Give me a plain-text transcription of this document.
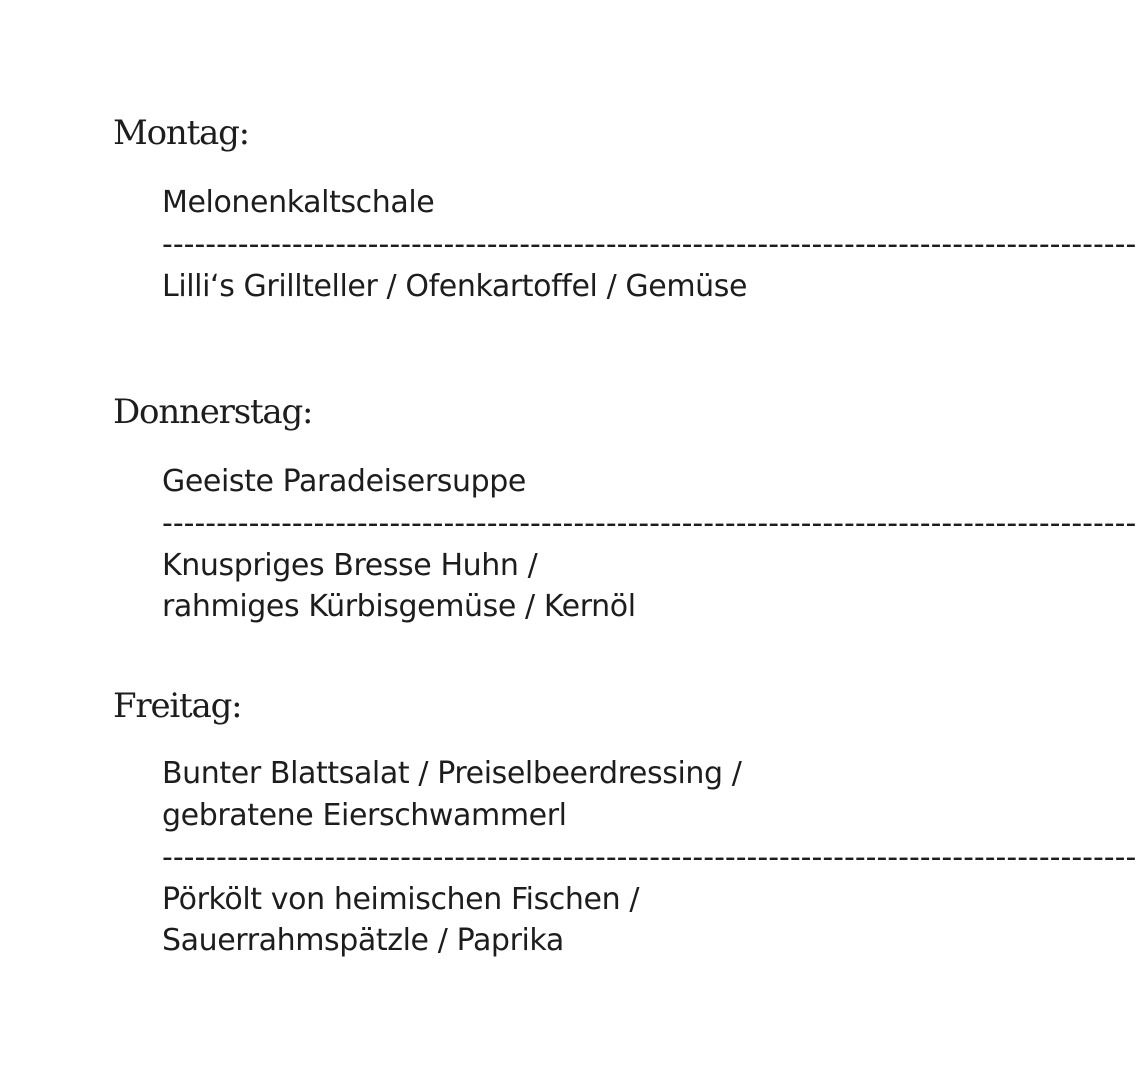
Montag:

Melonenkaltschale

------------------------------------------------------------------------------------------

Lilli‘s Grillteller / Ofenkartoffel / Gemüse

Donnerstag:

Geeiste Paradeisersuppe

------------------------------------------------------------------------------------------

Knuspriges Bresse Huhn /

rahmiges Kürbisgemüse / Kernöl

Freitag:

Bunter Blattsalat / Preiselbeerdressing /

gebratene Eierschwammerl

------------------------------------------------------------------------------------------

Pörkölt von heimischen Fischen /

Sauerrahmspätzle / Paprika
